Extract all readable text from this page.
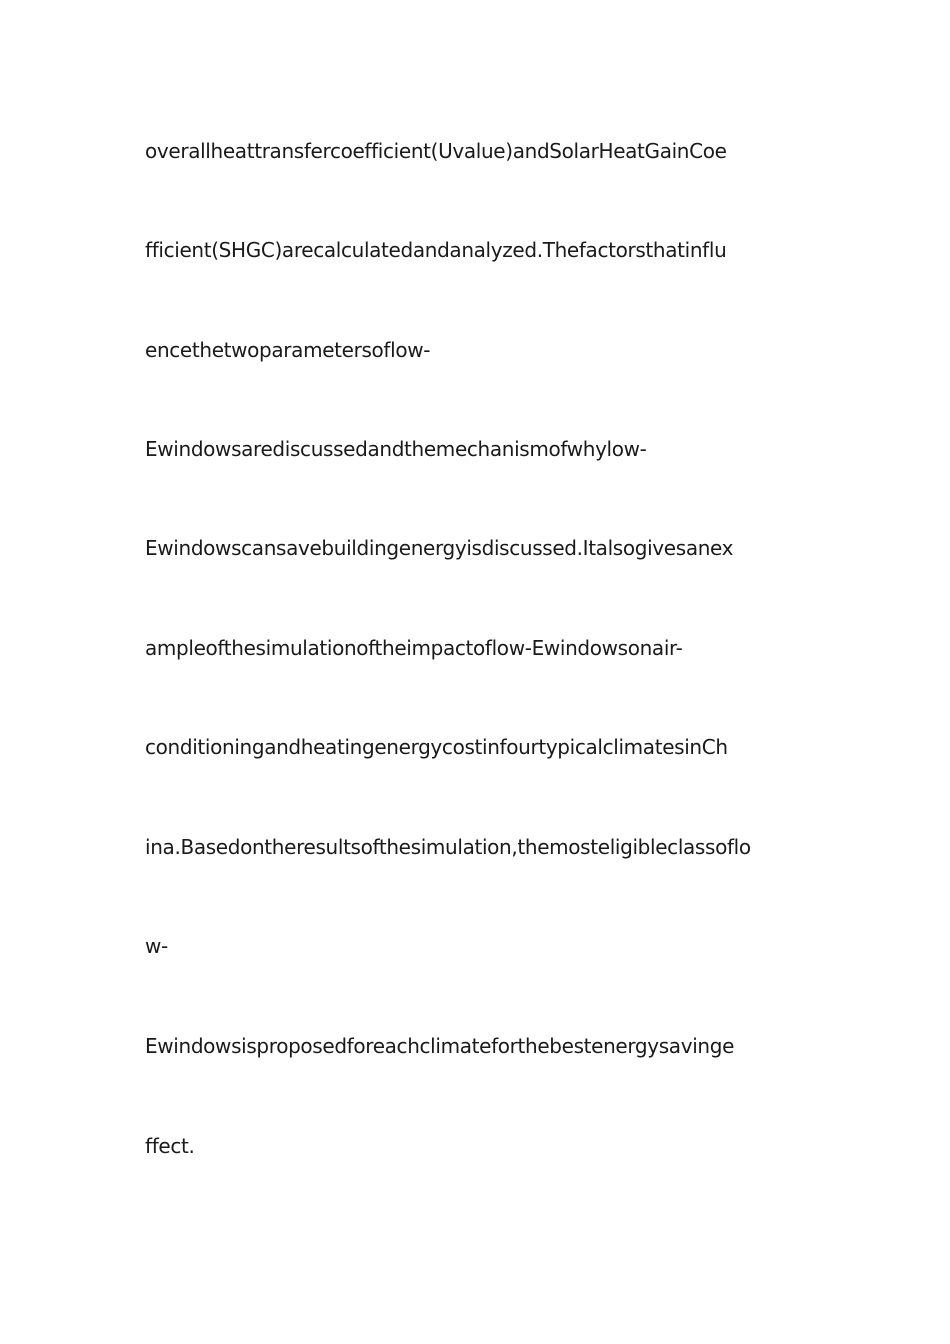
overallheattransfercoefficient(Uvalue)andSolarHeatGainCoe
fficient(SHGC)arecalculatedandanalyzed.Thefactorsthatinflu
encethetwoparametersoflow-
Ewindowsarediscussedandthemechanismofwhylow-
Ewindowscansavebuildingenergyisdiscussed.Italsogivesanex
ampleofthesimulationoftheimpactoflow-Ewindowsonair-
conditioningandheatingenergycostinfourtypicalclimatesinCh
ina.Basedontheresultsofthesimulation,themosteligibleclassoflo
w-
Ewindowsisproposedforeachclimateforthebestenergysavinge
ffect.
